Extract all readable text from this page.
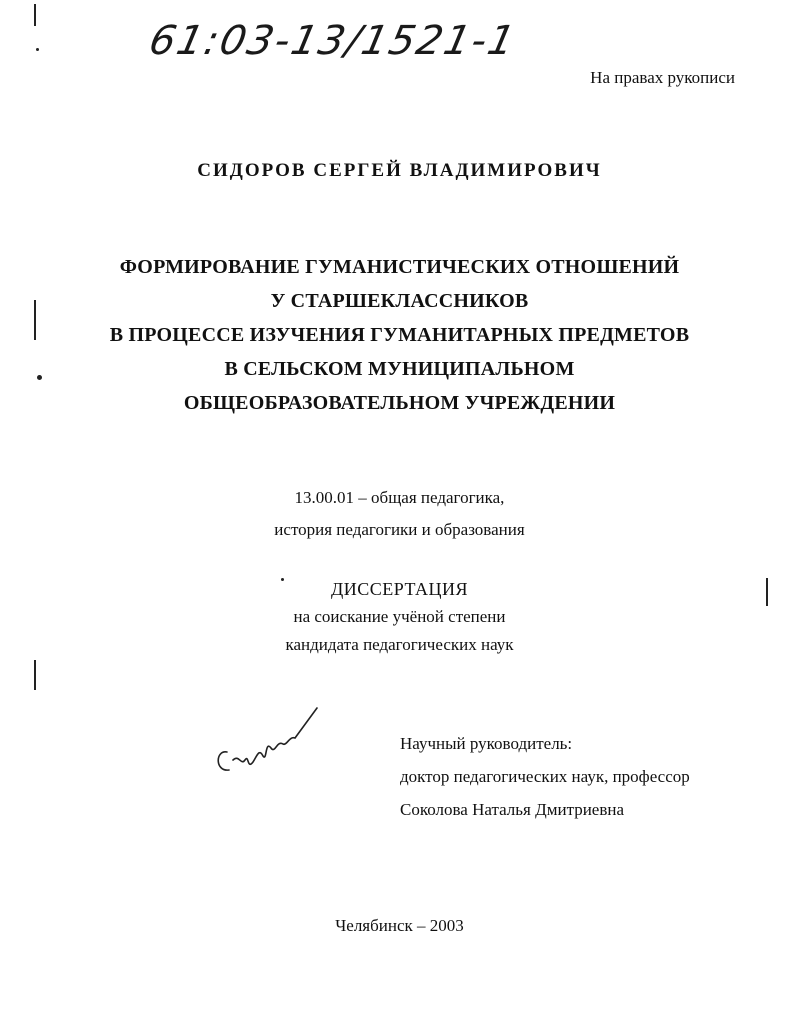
61:03-13/1521-1
На правах рукописи
СИДОРОВ СЕРГЕЙ ВЛАДИМИРОВИЧ
ФОРМИРОВАНИЕ ГУМАНИСТИЧЕСКИХ ОТНОШЕНИЙ
У СТАРШЕКЛАССНИКОВ
В ПРОЦЕССЕ ИЗУЧЕНИЯ ГУМАНИТАРНЫХ ПРЕДМЕТОВ
В СЕЛЬСКОМ МУНИЦИПАЛЬНОМ
ОБЩЕОБРАЗОВАТЕЛЬНОМ УЧРЕЖДЕНИИ
13.00.01 – общая педагогика,
история педагогики и образования
ДИССЕРТАЦИЯ
на соискание учёной степени
кандидата педагогических наук
Научный руководитель:
доктор педагогических наук, профессор
Соколова Наталья Дмитриевна
Челябинск – 2003
